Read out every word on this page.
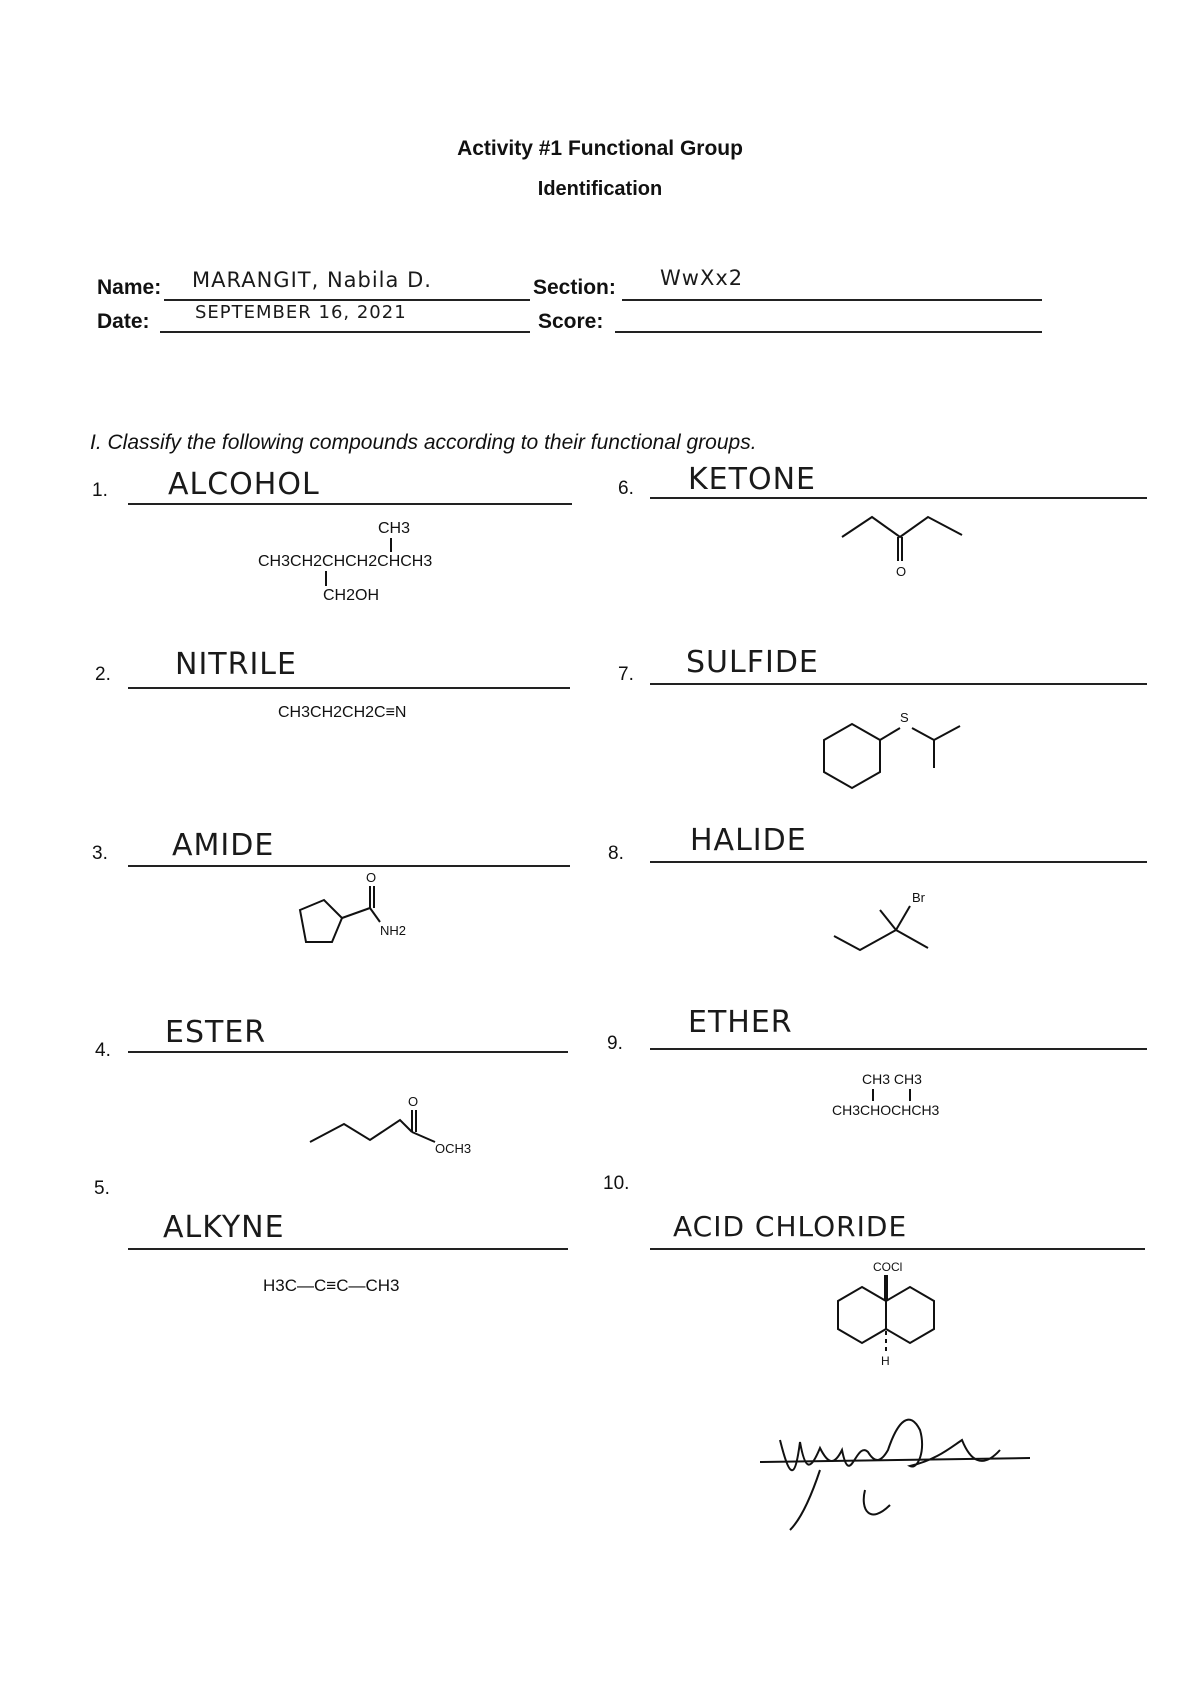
Activity #1 Functional Group
Identification
Name: MARANGIT, Nabila D.	Section: WwXx2
Date:	SEPTEMBER 16, 2021	Score:
I. Classify the following compounds according to their functional groups.
1. ALCOHOL
CH3
CH3CH2CHCH2CHCH3
CH2OH
2. NITRILE
CH3CH2CH2C≡N
3. AMIDE
O
NH2
4.
ESTER
O
OCH3
5.
ALKYNE
H3C—C≡C—CH3
6. KETONE
O
7. SULFIDE
S
8. HALIDE
Br
9.
ETHER
CH3 CH3
CH3CHOCHCH3
10.
ACID CHLORIDE
COCl
H
